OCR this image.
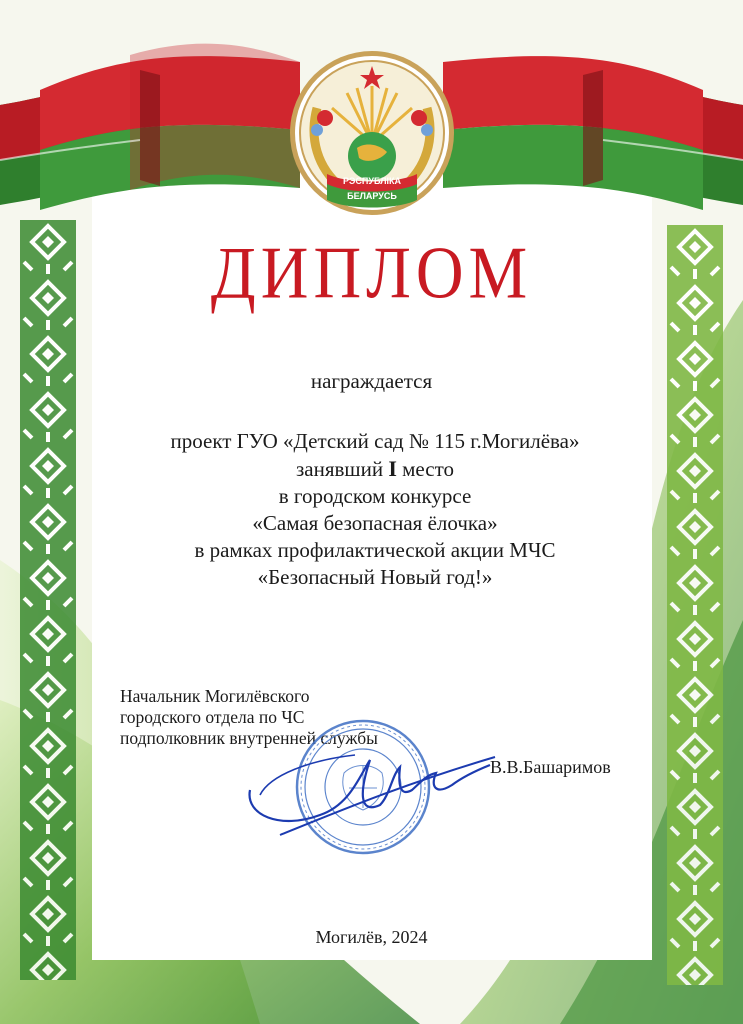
РЭСПУБЛІКА
БЕЛАРУСЬ
ДИПЛОМ
награждается
проект ГУО «Детский сад № 115 г.Могилёва»
занявший I место
в городском конкурсе
«Самая безопасная ёлочка»
в рамках профилактической акции МЧС
«Безопасный Новый год!»
Начальник Могилёвского
городского отдела по ЧС
подполковник внутренней службы
В.В.Башаримов
Могилёв, 2024
